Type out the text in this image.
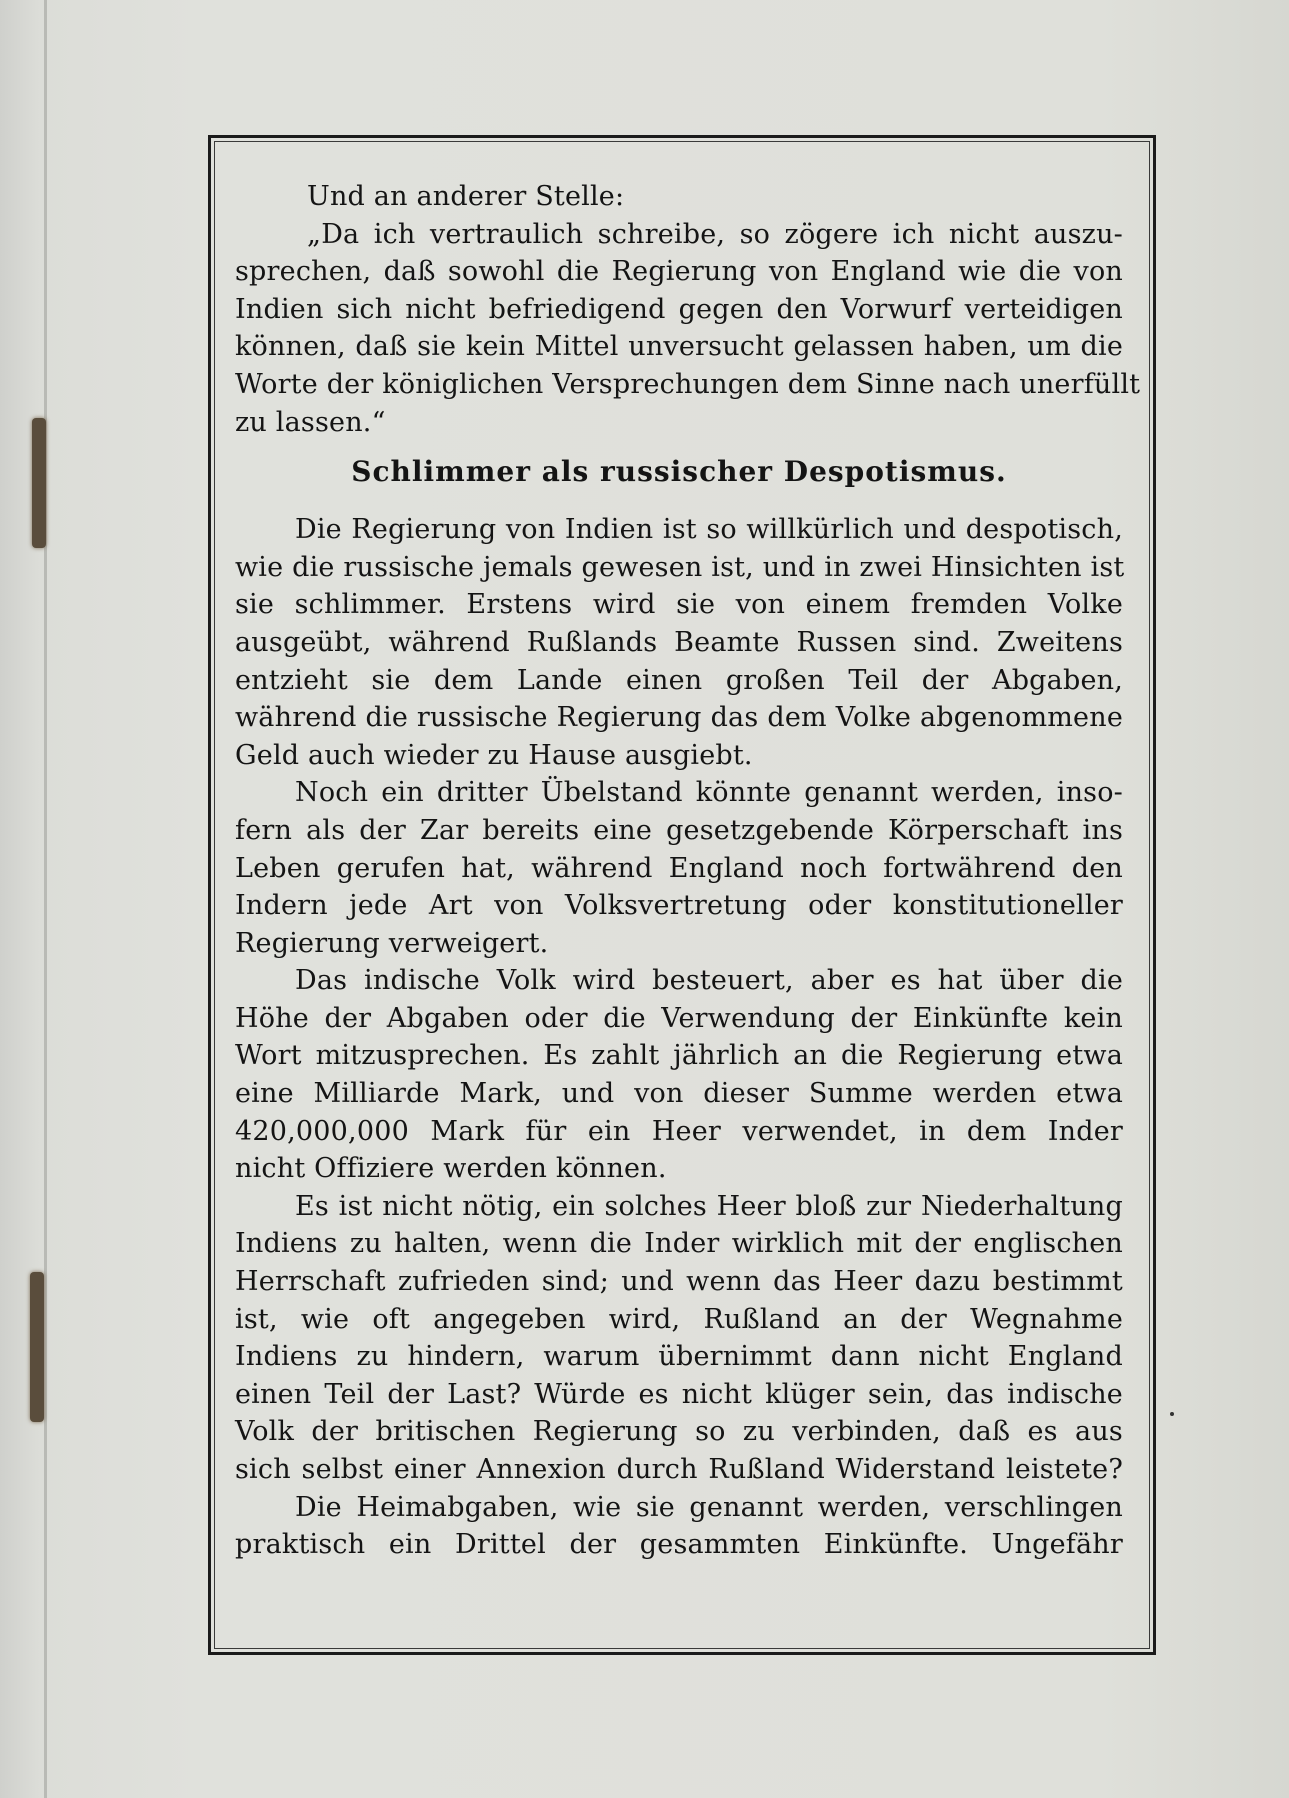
Und an anderer Stelle:
„Da ich vertraulich schreibe, so zögere ich nicht auszu-
sprechen, daß sowohl die Regierung von England wie die von
Indien sich nicht befriedigend gegen den Vorwurf verteidigen
können, daß sie kein Mittel unversucht gelassen haben, um die
Worte der königlichen Versprechungen dem Sinne nach unerfüllt
zu lassen.“
Schlimmer als russischer Despotismus.
Die Regierung von Indien ist so willkürlich und despotisch,
wie die russische jemals gewesen ist, und in zwei Hinsichten ist
sie schlimmer. Erstens wird sie von einem fremden Volke
ausgeübt, während Rußlands Beamte Russen sind. Zweitens
entzieht sie dem Lande einen großen Teil der Abgaben,
während die russische Regierung das dem Volke abgenommene
Geld auch wieder zu Hause ausgiebt.
Noch ein dritter Übelstand könnte genannt werden, inso-
fern als der Zar bereits eine gesetzgebende Körperschaft ins
Leben gerufen hat, während England noch fortwährend den
Indern jede Art von Volksvertretung oder konstitutioneller
Regierung verweigert.
Das indische Volk wird besteuert, aber es hat über die
Höhe der Abgaben oder die Verwendung der Einkünfte kein
Wort mitzusprechen. Es zahlt jährlich an die Regierung etwa
eine Milliarde Mark, und von dieser Summe werden etwa
420,000,000 Mark für ein Heer verwendet, in dem Inder
nicht Offiziere werden können.
Es ist nicht nötig, ein solches Heer bloß zur Niederhaltung
Indiens zu halten, wenn die Inder wirklich mit der englischen
Herrschaft zufrieden sind; und wenn das Heer dazu bestimmt
ist, wie oft angegeben wird, Rußland an der Wegnahme
Indiens zu hindern, warum übernimmt dann nicht England
einen Teil der Last? Würde es nicht klüger sein, das indische
Volk der britischen Regierung so zu verbinden, daß es aus
sich selbst einer Annexion durch Rußland Widerstand leistete?
Die Heimabgaben, wie sie genannt werden, verschlingen
praktisch ein Drittel der gesammten Einkünfte. Ungefähr
